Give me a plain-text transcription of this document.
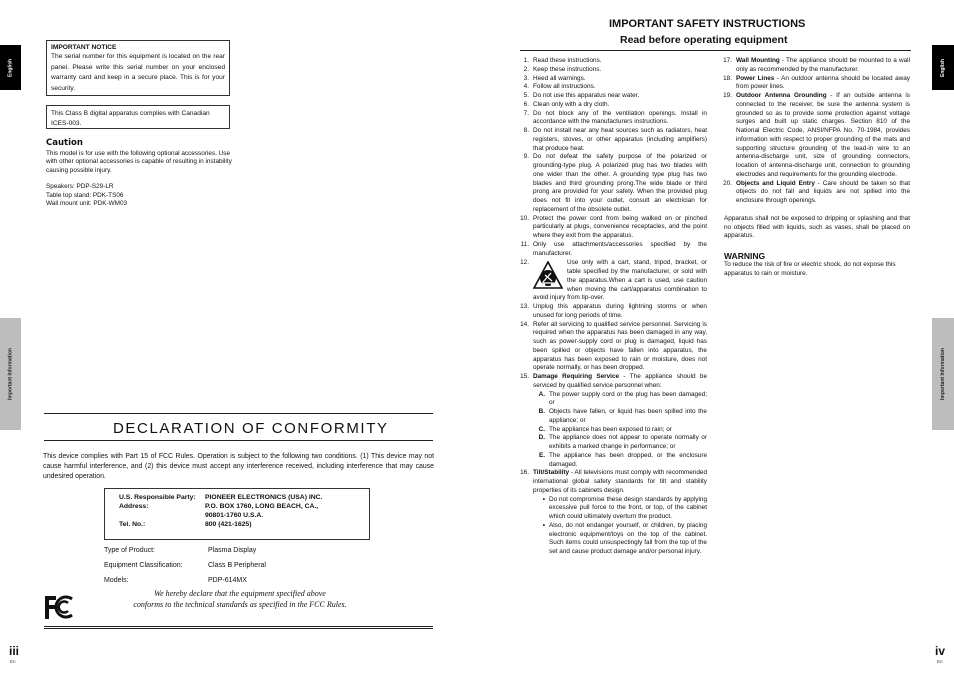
English
Important Information
English
Important Information
IMPORTANT NOTICE
The serial number for this equipment is located on the rear panel. Please write this serial number on your enclosed warranty card and keep in a secure place. This is for your security.
This Class B digital apparatus complies with Canadian ICES-003.
Caution
This model is for use with the following optional accessories. Use with other optional accessories is capable of resulting in instability causing possible injury.
Speakers: PDP-S29-LR
Table top stand: PDK-TS06
Wall mount unit: PDK-WM03
DECLARATION OF CONFORMITY
This device complies with Part 15 of FCC Rules. Operation is subject to the following two conditions. (1) This device may not cause harmful interference, and (2) this device must accept any interference received, including interference that may cause undesired operation.
U.S. Responsible Party:	PIONEER ELECTRONICS (USA) INC.
Address:	P.O. BOX 1760, LONG BEACH, CA.,
90801-1760 U.S.A.
Tel. No.:	800 (421-1625)
Type of Product:	Plasma Display
Equipment Classification:	Class B Peripheral
Models:	PDP-614MX
We hereby declare that the equipment specified above
conforms to the technical standards as specified in the FCC Rules.
iii
En
iv
En
IMPORTANT SAFETY INSTRUCTIONS
Read before operating equipment
1. Read these instructions.
2. Keep these instructions.
3. Heed all warnings.
4. Follow all instructions.
5. Do not use this apparatus near water.
6. Clean only with a dry cloth.
7. Do not block any of the ventilation openings. Install in accordance with the manufacturers instructions.
8. Do not install near any heat sources such as radiators, heat registers, stoves, or other apparatus (including amplifiers) that produce heat.
9. Do not defeat the safety purpose of the polarized or grounding-type plug. A polarized plug has two blades with one wider than the other. A grounding type plug has two blades and third grounding prong.The wide blade or third prong are provided for your safety. When the provided plug does not fit into your outlet, consult an electrician for replacement of the obsolete outlet.
10. Protect the power cord from being walked on or pinched particularly at plugs, convenience receptacles, and the point where they exit from the apparatus.
11. Only use attachments/accessories specified by the manufacturer.
12.	Use only with a cart, stand, tripod, bracket, or table specified by the manufacturer, or sold with the apparatus.When a cart is used, use caution when moving the cart/apparatus combination to avoid injury from tip-over.
13. Unplug this apparatus during lightning storms or when unused for long periods of time.
14. Refer all servicing to qualified service personnel. Servicing is required when the apparatus has been damaged in any way, such as power-supply cord or plug is damaged, liquid has been spilled or objects have fallen into apparatus, the apparatus has been exposed to rain or moisture, does not operate normally, or has been dropped.
15. Damage Requiring Service - The appliance should be serviced by qualified service personnel when:
A. The power supply cord or the plug has been damaged; or
B. Objects have fallen, or liquid has been spilled into the appliance; or
C. The appliance has been exposed to rain; or
D. The appliance does not appear to operate normally or exhibits a marked change in performance; or
E. The appliance has been dropped, or the enclosure damaged.
16. Tilt/Stability - All televisions must comply with recommended international global safety standards for tilt and stability properties of its cabinets design.
• Do not compromise these design standards by applying excessive pull force to the front, or top, of the cabinet which could ultimately overturn the product.
• Also, do not endanger yourself, or children, by placing electronic equipment/toys on the top of the cabinet. Such items could unsuspectingly fall from the top of the set and cause product damage and/or personal injury.
17. Wall Mounting - The appliance should be mounted to a wall only as recommended by the manufacturer.
18. Power Lines - An outdoor antenna should be located away from power lines.
19. Outdoor Antenna Grounding - If an outside antenna is connected to the receiver, be sure the antenna system is grounded so as to provide some protection against voltage surges and built up static charges. Section 810 of the National Electric Code, ANSI/NFPA No. 70-1984, provides information with respect to proper grounding of the mats and supporting structure grounding of the lead-in wire to an antenna-discharge unit, size of grounding connectors, location of antenna-discharge unit, connection to grounding electrodes and requirements for the grounding electrode.
20. Objects and Liquid Entry - Care should be taken so that objects do not fall and liquids are not spilled into the enclosure through openings.
Apparatus shall not be exposed to dripping or splashing and that no objects filled with liquids, such as vases, shall be placed on apparatus.
WARNING
To reduce the risk of fire or electric shock, do not expose this apparatus to rain or moisture.
